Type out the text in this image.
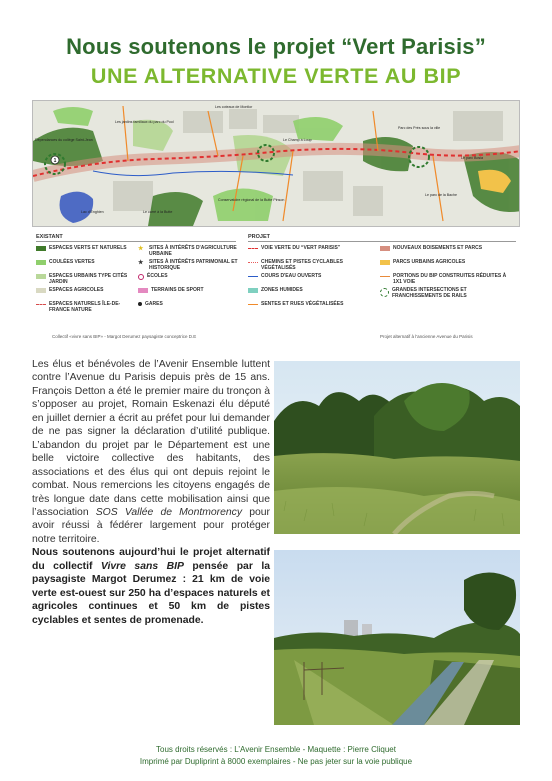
Nous soutenons le projet “Vert Parisis”
UNE ALTERNATIVE VERTE AU BIP
1
Les jardins familiaux du parc du Pool
Les coteaux de Montlor
Parc des Prés sous la ville
Le parc Bosia
Le parc de la Bache
Lac d'Enghien
Dépendances du collège Saint-Jean
Conservatoire régional de la Butte Pinson
Le Champ à Loup
Le carré à la Butte
EXISTANT	PROJET
ESPACES VERTS ET NATURELS
COULÉES VERTES
ESPACES URBAINS TYPE CITÉS JARDIN
ESPACES AGRICOLES
ESPACES NATURELS ÎLE-DE-FRANCE NATURE
★	SITES À INTÉRÊTS D'AGRICULTURE URBAINE
★	SITES À INTÉRÊTS PATRIMONIAL ET HISTORIQUE
ÉCOLES
TERRAINS DE SPORT
GARES
VOIE VERTE DU “VERT PARISIS”
CHEMINS ET PISTES CYCLABLES VÉGÉTALISÉS
COURS D'EAU OUVERTS
ZONES HUMIDES
SENTES ET RUES VÉGÉTALISÉES
NOUVEAUX BOISEMENTS ET PARCS
PARCS URBAINS AGRICOLES
PORTIONS DU BIP CONSTRUITES RÉDUITES À 1X1 VOIE
GRANDES INTERSECTIONS ET FRANCHISSEMENTS DE RAILS
Collectif «vivre sans BIP» - Margot Derumez paysagiste conceptrice D.E	Projet alternatif à l'ancienne Avenue du Parisis

Les élus et bénévoles de l’Avenir Ensemble luttent contre l’Avenue du Parisis depuis près de 15 ans. François Detton a été le premier maire du tronçon à s’opposer au projet, Romain Eskenazi élu député en juillet dernier a écrit au préfet pour lui demander de ne pas signer la déclaration d’utilité publique. L’abandon du projet par le Département est une belle victoire collective des habitants, des associations et des élus qui ont depuis rejoint le combat. Nous remercions les citoyens engagés de très longue date dans cette mobilisation ainsi que l’association SOS Vallée de Montmorency pour avoir réussi à fédérer largement pour protéger notre territoire.

Nous soutenons aujourd’hui le projet alternatif du collectif Vivre sans BIP pensée par la paysagiste Margot Derumez : 21 km de voie verte est-ouest sur 250 ha d’espaces naturels et agricoles continues et 50 km de pistes cyclables et sentes de promenade.

Tous droits réservés : L’Avenir Ensemble - Maquette : Pierre Cliquet
Imprimé par Dupliprint à 8000 exemplaires - Ne pas jeter sur la voie publique
